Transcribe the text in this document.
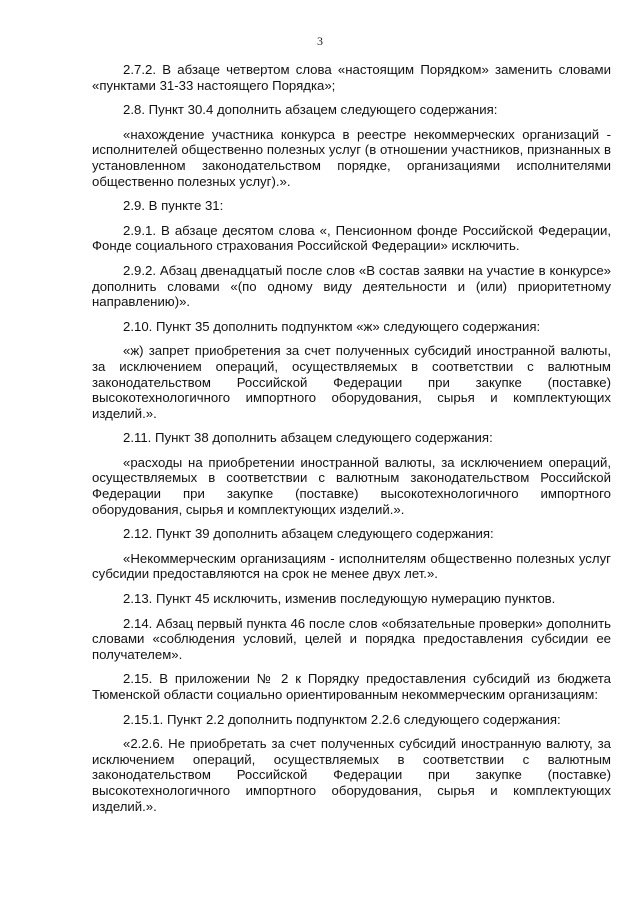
3

2.7.2. В абзаце четвертом слова «настоящим Порядком» заменить словами «пунктами 31-33 настоящего Порядка»;

2.8. Пункт 30.4 дополнить абзацем следующего содержания:

«нахождение участника конкурса в реестре некоммерческих организаций - исполнителей общественно полезных услуг (в отношении участников, признанных в установленном законодательством порядке, организациями исполнителями общественно полезных услуг).».

2.9. В пункте 31:

2.9.1. В абзаце десятом слова «, Пенсионном фонде Российской Федерации, Фонде социального страхования Российской Федерации» исключить.

2.9.2. Абзац двенадцатый после слов «В состав заявки на участие в конкурсе» дополнить словами «(по одному виду деятельности и (или) приоритетному направлению)».

2.10. Пункт 35 дополнить подпунктом «ж» следующего содержания:

«ж) запрет приобретения за счет полученных субсидий иностранной валюты, за исключением операций, осуществляемых в соответствии с валютным законодательством Российской Федерации при закупке (поставке) высокотехнологичного импортного оборудования, сырья и комплектующих изделий.».

2.11. Пункт 38 дополнить абзацем следующего содержания:

«расходы на приобретении иностранной валюты, за исключением операций, осуществляемых в соответствии с валютным законодательством Российской Федерации при закупке (поставке) высокотехнологичного импортного оборудования, сырья и комплектующих изделий.».

2.12. Пункт 39 дополнить абзацем следующего содержания:

«Некоммерческим организациям - исполнителям общественно полезных услуг субсидии предоставляются на срок не менее двух лет.».

2.13. Пункт 45 исключить, изменив последующую нумерацию пунктов.

2.14. Абзац первый пункта 46 после слов «обязательные проверки» дополнить словами «соблюдения условий, целей и порядка предоставления субсидии ее получателем».

2.15. В приложении № 2 к Порядку предоставления субсидий из бюджета Тюменской области социально ориентированным некоммерческим организациям:

2.15.1. Пункт 2.2 дополнить подпунктом 2.2.6 следующего содержания:

«2.2.6. Не приобретать за счет полученных субсидий иностранную валюту, за исключением операций, осуществляемых в соответствии с валютным законодательством Российской Федерации при закупке (поставке) высокотехнологичного импортного оборудования, сырья и комплектующих изделий.».
